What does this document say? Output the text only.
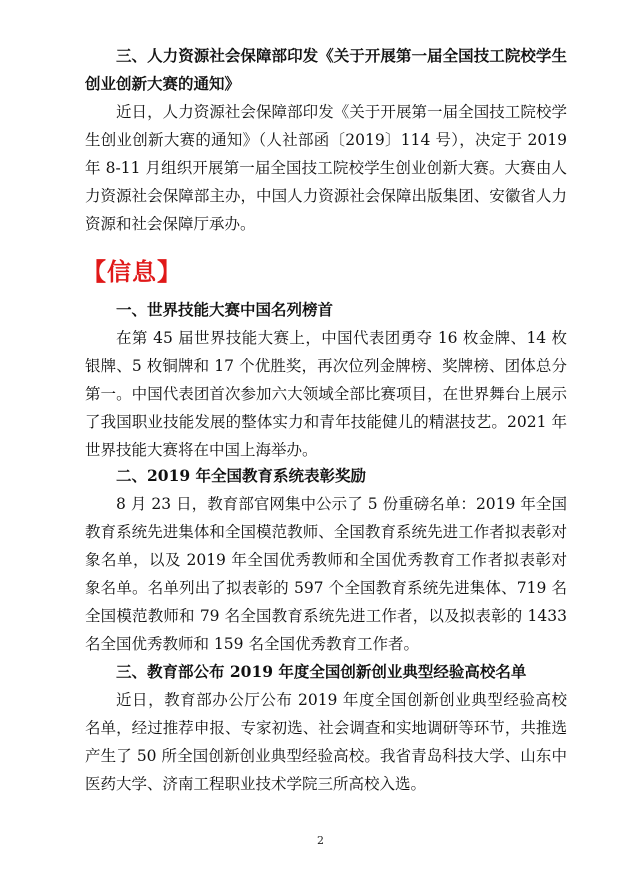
三、人力资源社会保障部印发《关于开展第一届全国技工院校学生创业创新大赛的通知》

近日，人力资源社会保障部印发《关于开展第一届全国技工院校学生创业创新大赛的通知》（人社部函〔2019〕114 号），决定于 2019 年 8-11 月组织开展第一届全国技工院校学生创业创新大赛。大赛由人力资源社会保障部主办，中国人力资源社会保障出版集团、安徽省人力资源和社会保障厅承办。

【信息】

一、世界技能大赛中国名列榜首

在第 45 届世界技能大赛上，中国代表团勇夺 16 枚金牌、14 枚银牌、5 枚铜牌和 17 个优胜奖，再次位列金牌榜、奖牌榜、团体总分第一。中国代表团首次参加六大领域全部比赛项目，在世界舞台上展示了我国职业技能发展的整体实力和青年技能健儿的精湛技艺。2021 年世界技能大赛将在中国上海举办。

二、2019 年全国教育系统表彰奖励

8 月 23 日，教育部官网集中公示了 5 份重磅名单：2019 年全国教育系统先进集体和全国模范教师、全国教育系统先进工作者拟表彰对象名单，以及 2019 年全国优秀教师和全国优秀教育工作者拟表彰对象名单。名单列出了拟表彰的 597 个全国教育系统先进集体、719 名全国模范教师和 79 名全国教育系统先进工作者，以及拟表彰的 1433 名全国优秀教师和 159 名全国优秀教育工作者。

三、教育部公布 2019 年度全国创新创业典型经验高校名单

近日，教育部办公厅公布 2019 年度全国创新创业典型经验高校名单，经过推荐申报、专家初选、社会调查和实地调研等环节，共推选产生了 50 所全国创新创业典型经验高校。我省青岛科技大学、山东中医药大学、济南工程职业技术学院三所高校入选。

2
